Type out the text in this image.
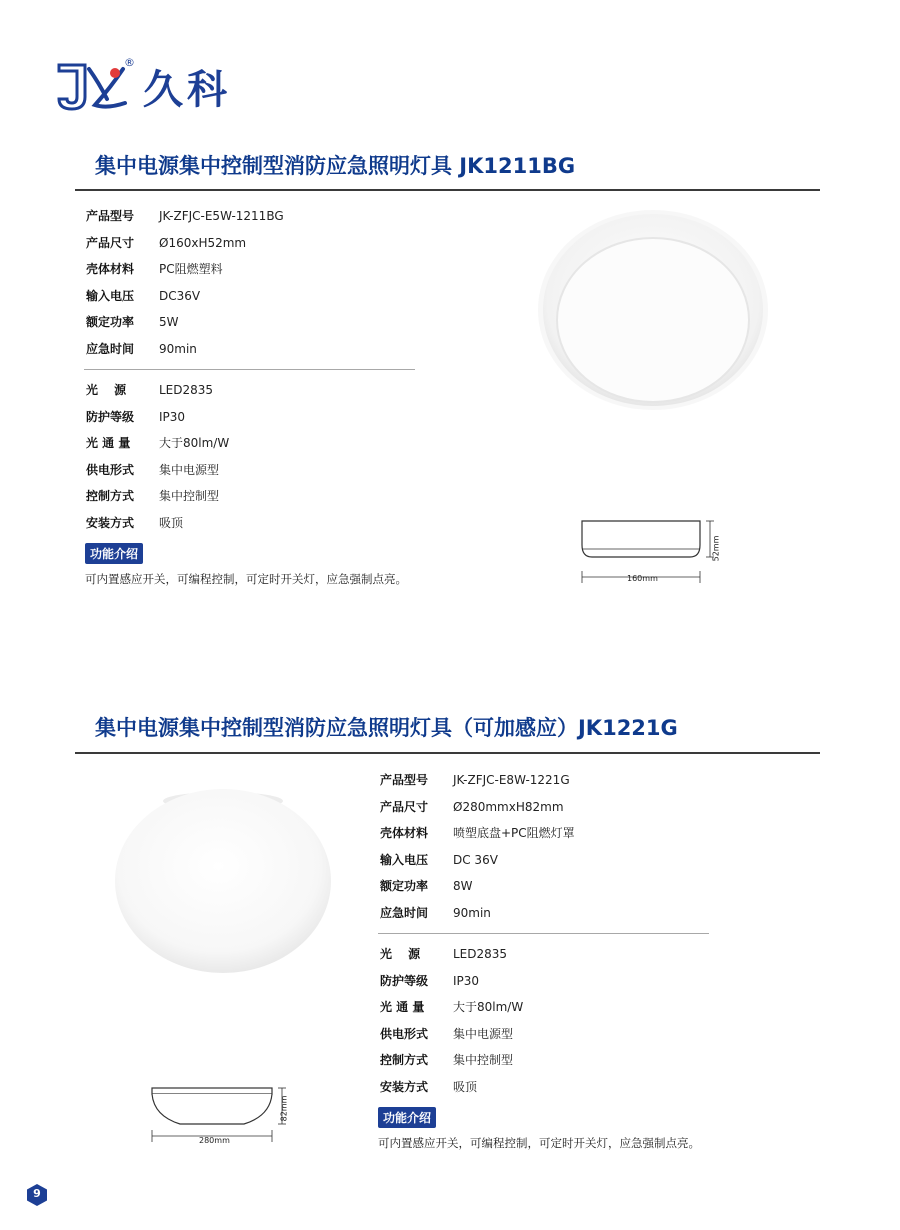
久科
®
集中电源集中控制型消防应急照明灯具 JK1211BG
产品型号	JK-ZFJC-E5W-1211BG
产品尺寸	Ø160xH52mm
壳体材料	PC阻燃塑料
输入电压	DC36V
额定功率	5W
应急时间	90min
光　 源	LED2835
防护等级	IP30
光 通 量	大于80lm/W
供电形式	集中电源型
控制方式	集中控制型
安装方式	吸顶
功能介绍
可内置感应开关，可编程控制，可定时开关灯，应急强制点亮。	160mm
52mm
集中电源集中控制型消防应急照明灯具（可加感应）JK1221G
产品型号	JK-ZFJC-E8W-1221G
产品尺寸	Ø280mmxH82mm
壳体材料	喷塑底盘+PC阻燃灯罩
输入电压	DC 36V
额定功率	8W
应急时间	90min
光　 源	LED2835
防护等级	IP30
光 通 量	大于80lm/W
供电形式	集中电源型
控制方式	集中控制型
安装方式	吸顶
功能介绍
可内置感应开关，可编程控制，可定时开关灯，应急强制点亮。
280mm
82mm
9
